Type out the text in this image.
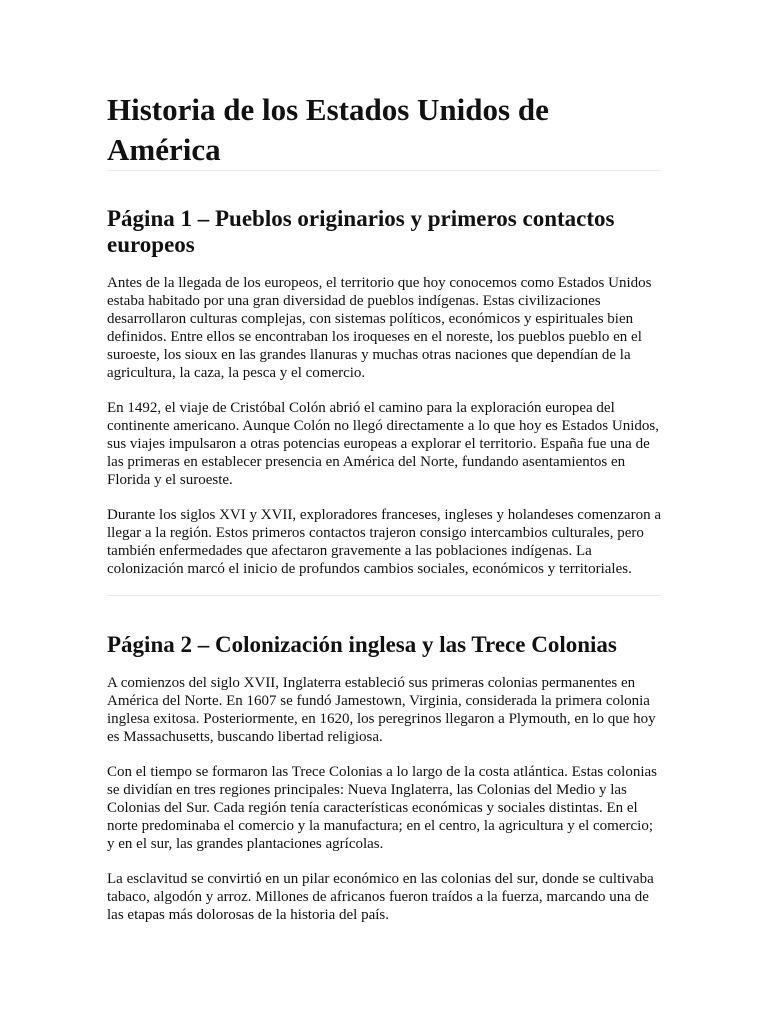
Historia de los Estados Unidos de América
Página 1 – Pueblos originarios y primeros contactos europeos

Antes de la llegada de los europeos, el territorio que hoy conocemos como Estados Unidos estaba habitado por una gran diversidad de pueblos indígenas. Estas civilizaciones desarrollaron culturas complejas, con sistemas políticos, económicos y espirituales bien definidos. Entre ellos se encontraban los iroqueses en el noreste, los pueblos pueblo en el suroeste, los sioux en las grandes llanuras y muchas otras naciones que dependían de la agricultura, la caza, la pesca y el comercio.

En 1492, el viaje de Cristóbal Colón abrió el camino para la exploración europea del continente americano. Aunque Colón no llegó directamente a lo que hoy es Estados Unidos, sus viajes impulsaron a otras potencias europeas a explorar el territorio. España fue una de las primeras en establecer presencia en América del Norte, fundando asentamientos en Florida y el suroeste.

Durante los siglos XVI y XVII, exploradores franceses, ingleses y holandeses comenzaron a llegar a la región. Estos primeros contactos trajeron consigo intercambios culturales, pero también enfermedades que afectaron gravemente a las poblaciones indígenas. La colonización marcó el inicio de profundos cambios sociales, económicos y territoriales.

Página 2 – Colonización inglesa y las Trece Colonias

A comienzos del siglo XVII, Inglaterra estableció sus primeras colonias permanentes en América del Norte. En 1607 se fundó Jamestown, Virginia, considerada la primera colonia inglesa exitosa. Posteriormente, en 1620, los peregrinos llegaron a Plymouth, en lo que hoy es Massachusetts, buscando libertad religiosa.

Con el tiempo se formaron las Trece Colonias a lo largo de la costa atlántica. Estas colonias se dividían en tres regiones principales: Nueva Inglaterra, las Colonias del Medio y las Colonias del Sur. Cada región tenía características económicas y sociales distintas. En el norte predominaba el comercio y la manufactura; en el centro, la agricultura y el comercio; y en el sur, las grandes plantaciones agrícolas.

La esclavitud se convirtió en un pilar económico en las colonias del sur, donde se cultivaba tabaco, algodón y arroz. Millones de africanos fueron traídos a la fuerza, marcando una de las etapas más dolorosas de la historia del país.
